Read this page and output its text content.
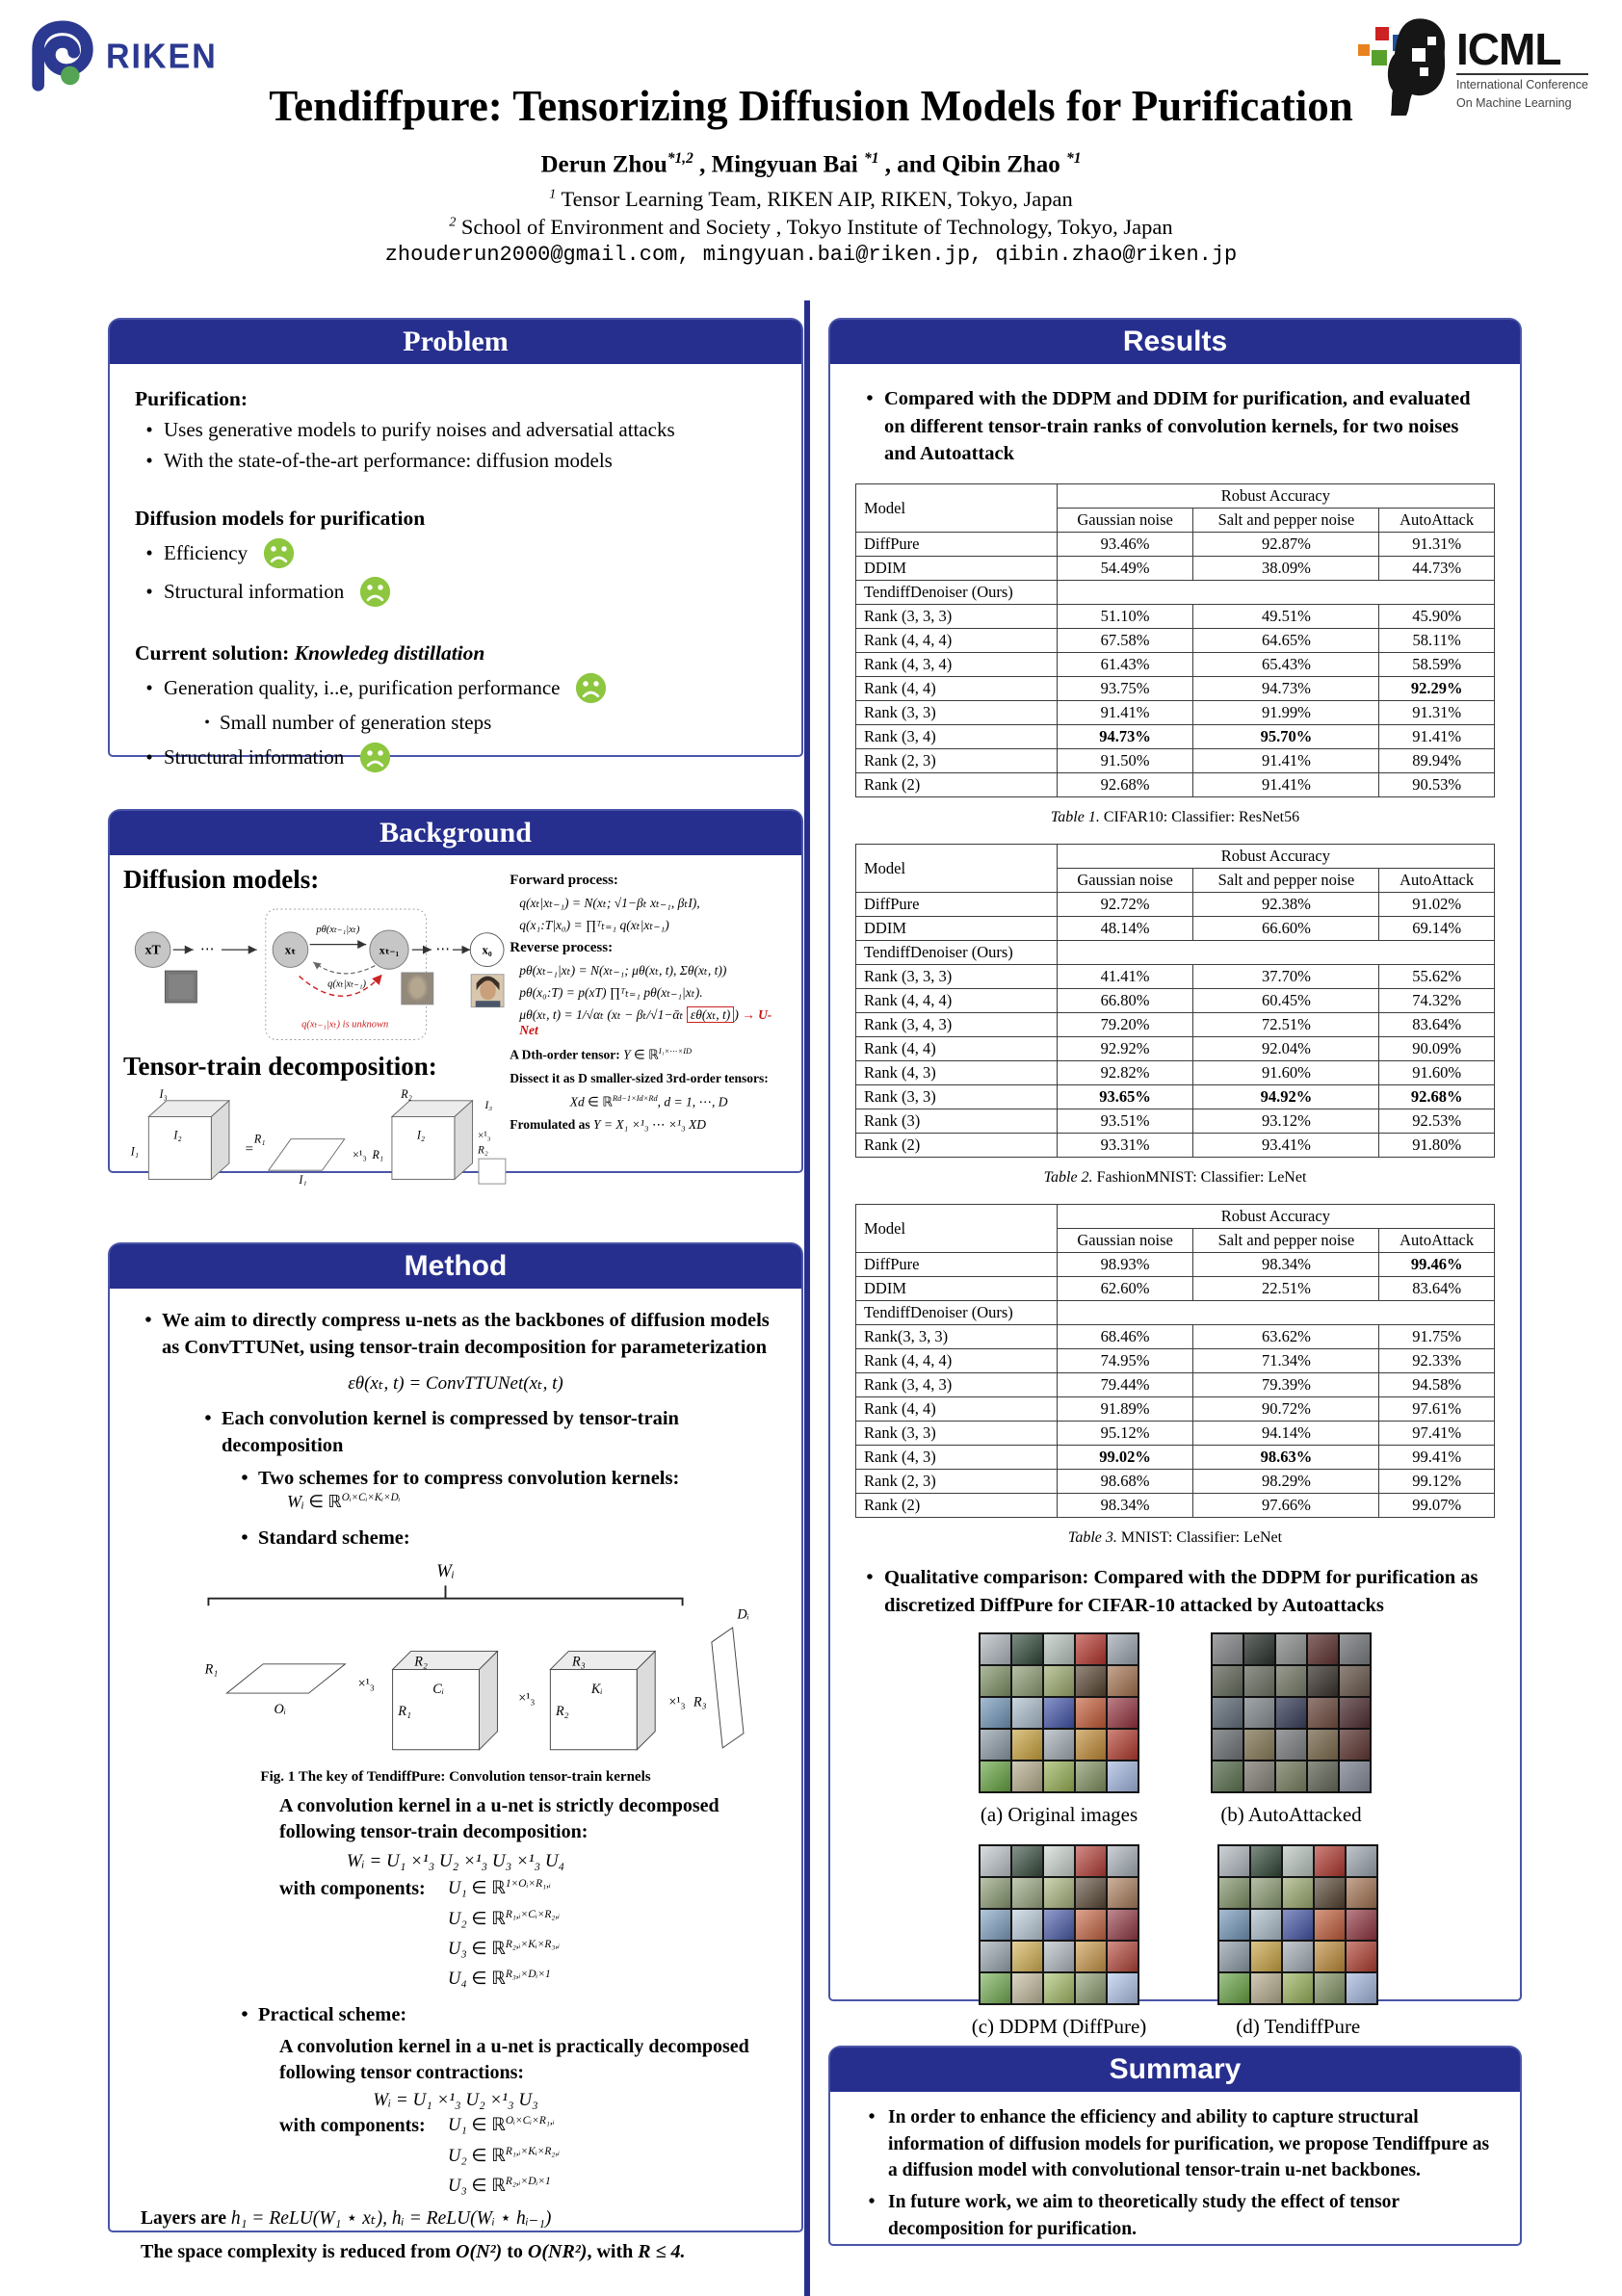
RIKEN	ICML
International Conference
On Machine Learning
Tendiffpure: Tensorizing Diffusion Models for Purification
Derun Zhou$^{*1,2}$ , Mingyuan Bai $^{*1}$ , and Qibin Zhao $^{*1}$
$^1$ Tensor Learning Team, RIKEN AIP, RIKEN, Tokyo, Japan
$^2$ School of Environment and Society , Tokyo Institute of Technology, Tokyo, Japan
zhouderun2000@gmail.com, mingyuan.bai@riken.jp, qibin.zhao@riken.jp
Problem
Purification:
• Uses generative models to purify noises and adversatial attacks
• With the state-of-the-art performance: diffusion models
Diffusion models for purification
• Efficiency
• Structural information
Current solution: Knowledeg distillation
• Generation quality, i..e, purification performance
• Small number of generation steps
• Structural information
Background
Diffusion models:
xT	⋯	xₜ
pθ(xₜ₋₁|xₜ)
xₜ₋₁
q(xₜ|xₜ₋₁)
q(xₜ₋₁|xₜ) is unknown
⋯ x₀
Tensor-train decomposition:
I₃
I₁
I₂
=
R₁
I₁
×¹₃ R₁
R₂
I₂	×¹₃
R₂
I₃
Forward process:
q(xₜ|xₜ₋₁) = N(xₜ; √1−βₜ xₜ₋₁, βₜI),
q(x₁:T|x₀) = ∏ᵀₜ₌₁ q(xₜ|xₜ₋₁)
Reverse process:
pθ(xₜ₋₁|xₜ) = N(xₜ₋₁; μθ(xₜ, t), Σθ(xₜ, t))
pθ(x₀:T) = p(xT) ∏ᵀₜ₌₁ pθ(xₜ₋₁|xₜ).
μθ(xₜ, t) = 1/√αₜ (xₜ − βₜ/√1−ᾱₜ εθ(xₜ, t) ) → U-Net
A Dth-order tensor: Y ∈ ℝ$^{I_1\times\cdots\times ID}$
Dissect it as D smaller-sized 3rd-order tensors:
Xd ∈ ℝ$^{Rd-1\times Id\times Rd}$, d = 1, ⋯, D
Fromulated as Y = X₁ ×¹₃ ⋯ ×¹₃ XD
Method
• We aim to directly compress u-nets as the backbones of diffusion models as ConvTTUNet, using tensor-train decomposition for parameterization
εθ(xₜ, t) = ConvTTUNet(xₜ, t)
• Each convolution kernel is compressed by tensor-train decomposition
• Two schemes for to compress convolution kernels:
Wᵢ ∈ ℝ$^{Oᵢ\times Cᵢ\times Kᵢ\times Dᵢ}$
• Standard scheme:
Wᵢ
R₁
Oᵢ
×¹₃
R₂
Cᵢ
R₁
×¹₃
R₃
Kᵢ
R₂
×¹₃ R₃
Dᵢ
Fig. 1 The key of TendiffPure: Convolution tensor-train kernels
A convolution kernel in a u-net is strictly decomposed following tensor-train decomposition:
Wᵢ = U₁ ×¹₃ U₂ ×¹₃ U₃ ×¹₃ U₄
with components:	U₁ ∈ ℝ$^{1\times Oᵢ\times R_1,ᵢ}$
U₂ ∈ ℝ$^{R_1,ᵢ\times Cᵢ\times R_2,ᵢ}$
U₃ ∈ ℝ$^{R_2,ᵢ\times Kᵢ\times R_3,ᵢ}$
U₄ ∈ ℝ$^{R_3,ᵢ\times Dᵢ\times 1}$
• Practical scheme:
A convolution kernel in a u-net is practically decomposed following tensor contractions:
Wᵢ = U₁ ×¹₃ U₂ ×¹₃ U₃
with components:	U₁ ∈ ℝ$^{Oᵢ\times Cᵢ\times R_1,ᵢ}$
U₂ ∈ ℝ$^{R_1,ᵢ\times Kᵢ\times R_2,ᵢ}$
U₃ ∈ ℝ$^{R_2,ᵢ\times Dᵢ\times 1}$
Layers are h₁ = ReLU(W₁ ⋆ xₜ), hᵢ = ReLU(Wᵢ ⋆ hᵢ₋₁)
The space complexity is reduced from O(N²) to O(NR²), with R ≤ 4.
Results
• Compared with the DDPM and DDIM for purification, and evaluated on different tensor-train ranks of convolution kernels, for two noises and Autoattack
Model	Robust Accuracy		
	Gaussian noise	Salt and pepper noise	AutoAttack
DiffPure	93.46%	92.87%	91.31%
DDIM	54.49%	38.09%	44.73%
TendiffDenoiser (Ours)			
Rank (3, 3, 3)	51.10%	49.51%	45.90%
Rank (4, 4, 4)	67.58%	64.65%	58.11%
Rank (4, 3, 4)	61.43%	65.43%	58.59%
Rank (4, 4)	93.75%	94.73%	92.29%
Rank (3, 3)	91.41%	91.99%	91.31%
Rank (3, 4)	94.73%	95.70%	91.41%
Rank (2, 3)	91.50%	91.41%	89.94%
Rank (2)	92.68%	91.41%	90.53%
Table 1. CIFAR10: Classifier: ResNet56
Model	Robust Accuracy		
	Gaussian noise	Salt and pepper noise	AutoAttack
DiffPure	92.72%	92.38%	91.02%
DDIM	48.14%	66.60%	69.14%
TendiffDenoiser (Ours)			
Rank (3, 3, 3)	41.41%	37.70%	55.62%
Rank (4, 4, 4)	66.80%	60.45%	74.32%
Rank (3, 4, 3)	79.20%	72.51%	83.64%
Rank (4, 4)	92.92%	92.04%	90.09%
Rank (4, 3)	92.82%	91.60%	91.60%
Rank (3, 3)	93.65%	94.92%	92.68%
Rank (3)	93.51%	93.12%	92.53%
Rank (2)	93.31%	93.41%	91.80%
Table 2. FashionMNIST: Classifier: LeNet
Model	Robust Accuracy		
	Gaussian noise	Salt and pepper noise	AutoAttack
DiffPure	98.93%	98.34%	99.46%
DDIM	62.60%	22.51%	83.64%
TendiffDenoiser (Ours)			
Rank(3, 3, 3)	68.46%	63.62%	91.75%
Rank (4, 4, 4)	74.95%	71.34%	92.33%
Rank (3, 4, 3)	79.44%	79.39%	94.58%
Rank (4, 4)	91.89%	90.72%	97.61%
Rank (3, 3)	95.12%	94.14%	97.41%
Rank (4, 3)	99.02%	98.63%	99.41%
Rank (2, 3)	98.68%	98.29%	99.12%
Rank (2)	98.34%	97.66%	99.07%
Table 3. MNIST: Classifier: LeNet
• Qualitative comparison: Compared with the DDPM for purification as discretized DiffPure for CIFAR-10 attacked by Autoattacks
(a) Original images	(b) AutoAttacked
(c) DDPM (DiffPure)	(d) TendiffPure
Summary
• In order to enhance the efficiency and ability to capture structural information of diffusion models for purification, we propose Tendiffpure as a diffusion model with convolutional tensor-train u-net backbones.
• In future work, we aim to theoretically study the effect of tensor decomposition for purification.
